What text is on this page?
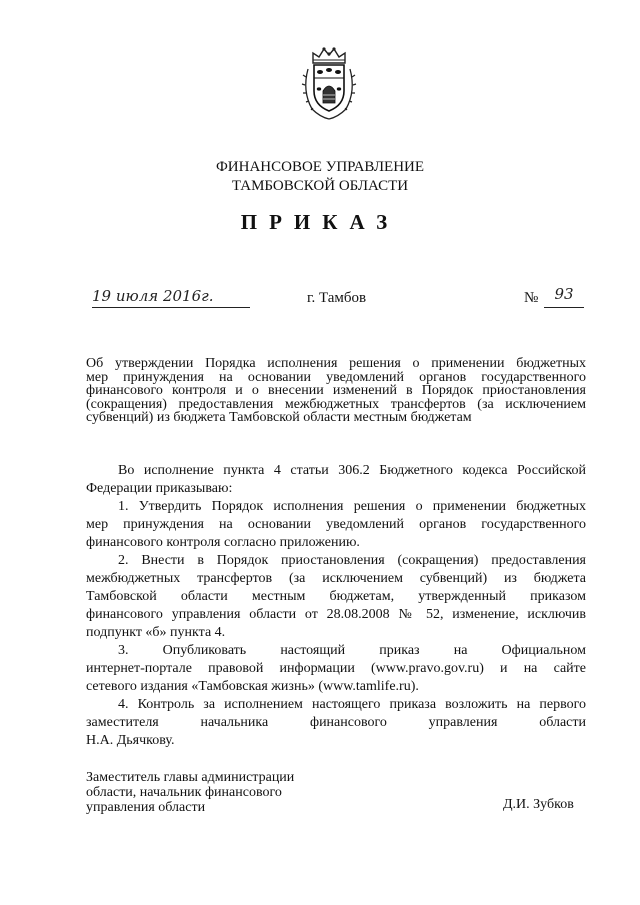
ФИНАНСОВОЕ УПРАВЛЕНИЕ
ТАМБОВСКОЙ ОБЛАСТИ
ПРИКАЗ
19 июля 2016г.	г. Тамбов	№	93
Об утверждении Порядка исполнения решения о применении бюджетных
мер принуждения на основании уведомлений органов государственного
финансового контроля и о внесении изменений в Порядок приостановления
(сокращения) предоставления межбюджетных трансфертов (за исключением
субвенций) из бюджета Тамбовской области местным бюджетам
Во исполнение пункта 4 статьи 306.2 Бюджетного кодекса Российской
Федерации приказываю:
1. Утвердить Порядок исполнения решения о применении бюджетных
мер принуждения на основании уведомлений органов государственного
финансового контроля согласно приложению.
2. Внести в Порядок приостановления (сокращения) предоставления
межбюджетных трансфертов (за исключением субвенций) из бюджета
Тамбовской области местным бюджетам, утвержденный приказом
финансового управления области от 28.08.2008 № 52, изменение, исключив
подпункт «б» пункта 4.
3. Опубликовать настоящий приказ на Официальном
интернет-портале правовой информации (www.pravo.gov.ru) и на сайте
сетевого издания «Тамбовская жизнь» (www.tamlife.ru).
4. Контроль за исполнением настоящего приказа возложить на первого
заместителя начальника финансового управления области
Н.А. Дьячкову.
Заместитель главы администрации
области, начальник финансового
управления области	Д.И. Зубков
